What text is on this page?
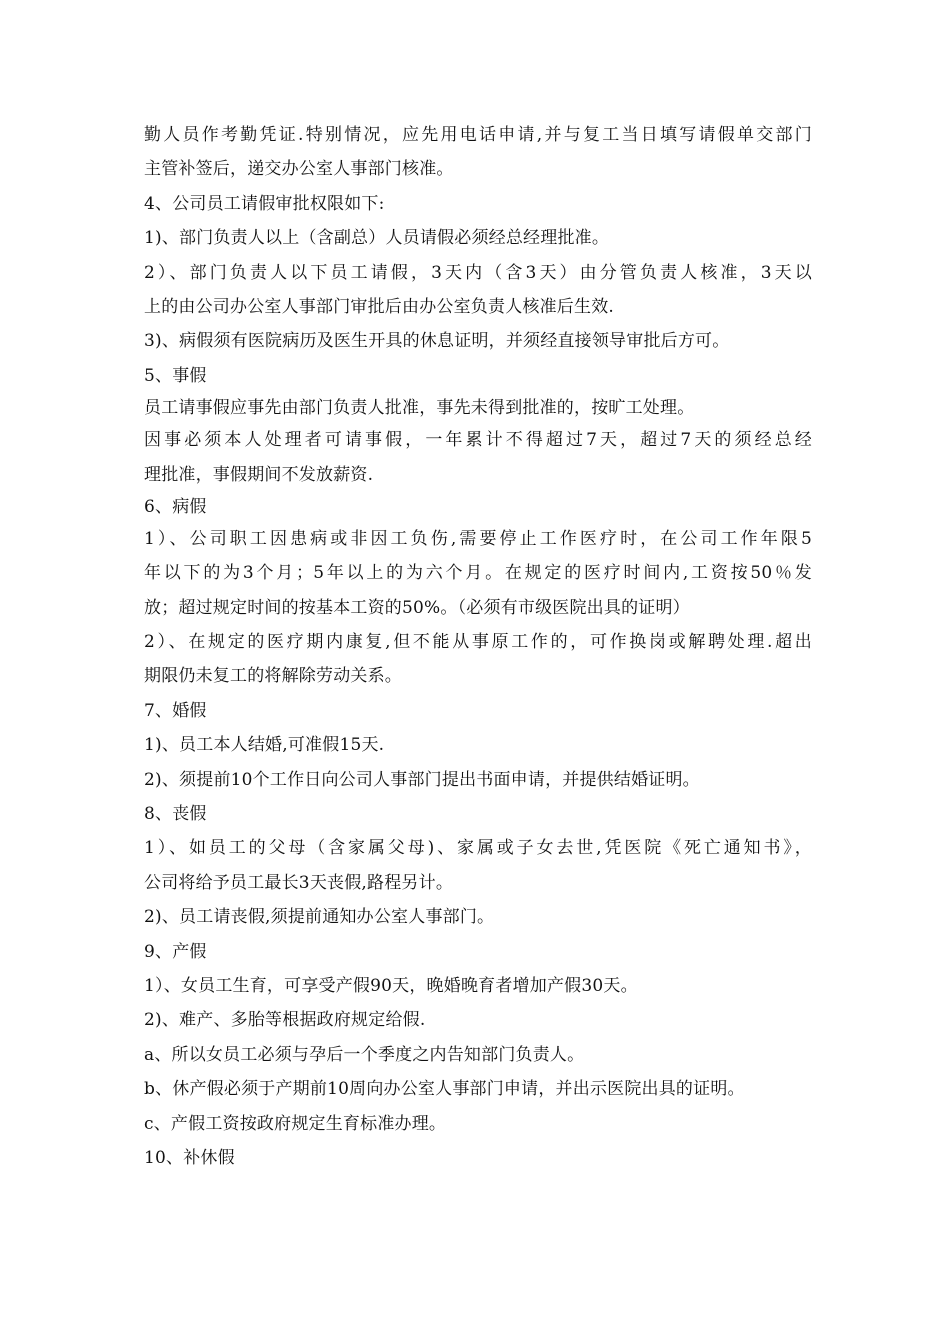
勤人员作考勤凭证.特别情况，应先用电话申请,并与复工当日填写请假单交部门
主管补签后，递交办公室人事部门核准。
4、公司员工请假审批权限如下:
1)、部门负责人以上（含副总）人员请假必须经总经理批准。
2）、部门负责人以下员工请假，3天内（含3天）由分管负责人核准，3天以
上的由公司办公室人事部门审批后由办公室负责人核准后生效.
3)、病假须有医院病历及医生开具的休息证明，并须经直接领导审批后方可。
5、事假
员工请事假应事先由部门负责人批准，事先未得到批准的，按旷工处理。
因事必须本人处理者可请事假，一年累计不得超过7天，超过7天的须经总经
理批准，事假期间不发放薪资.
6、病假
1）、公司职工因患病或非因工负伤,需要停止工作医疗时，在公司工作年限5
年以下的为3个月；5年以上的为六个月。在规定的医疗时间内,工资按50％发
放；超过规定时间的按基本工资的50%。（必须有市级医院出具的证明）
2）、在规定的医疗期内康复,但不能从事原工作的，可作换岗或解聘处理.超出
期限仍未复工的将解除劳动关系。
7、婚假
1)、员工本人结婚,可准假15天.
2)、须提前10个工作日向公司人事部门提出书面申请，并提供结婚证明。
8、丧假
1）、如员工的父母（含家属父母)、家属或子女去世,凭医院《死亡通知书》，
公司将给予员工最长3天丧假,路程另计。
2)、员工请丧假,须提前通知办公室人事部门。
9、产假
1）、女员工生育，可享受产假90天，晚婚晚育者增加产假30天。
2)、难产、多胎等根据政府规定给假.
a、所以女员工必须与孕后一个季度之内告知部门负责人。
b、休产假必须于产期前10周向办公室人事部门申请，并出示医院出具的证明。
c、产假工资按政府规定生育标准办理。
10、补休假
